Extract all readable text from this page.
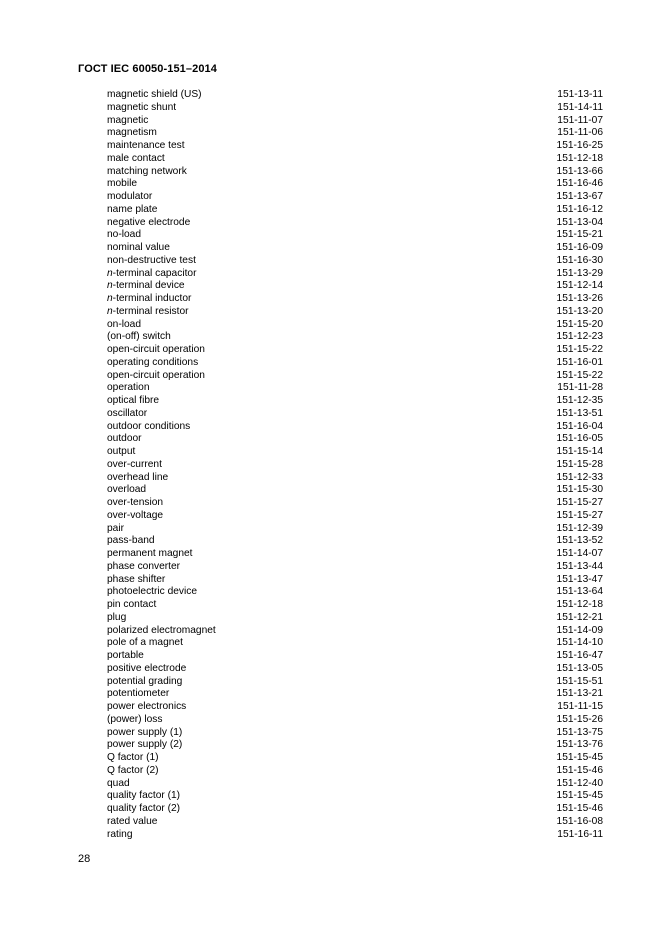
ГОСТ IEC 60050-151–2014
magnetic shield (US)	151-13-11
magnetic shunt	151-14-11
magnetic	151-11-07
magnetism	151-11-06
maintenance test	151-16-25
male contact	151-12-18
matching network	151-13-66
mobile	151-16-46
modulator	151-13-67
name plate	151-16-12
negative electrode	151-13-04
no-load	151-15-21
nominal value	151-16-09
non-destructive test	151-16-30
n-terminal capacitor	151-13-29
n-terminal device	151-12-14
n-terminal inductor	151-13-26
n-terminal resistor	151-13-20
on-load	151-15-20
(on-off) switch	151-12-23
open-circuit operation	151-15-22
operating conditions	151-16-01
open-circuit operation	151-15-22
operation	151-11-28
optical fibre	151-12-35
oscillator	151-13-51
outdoor conditions	151-16-04
outdoor	151-16-05
output	151-15-14
over-current	151-15-28
overhead line	151-12-33
overload	151-15-30
over-tension	151-15-27
over-voltage	151-15-27
pair	151-12-39
pass-band	151-13-52
permanent magnet	151-14-07
phase converter	151-13-44
phase shifter	151-13-47
photoelectric device	151-13-64
pin contact	151-12-18
plug	151-12-21
polarized electromagnet	151-14-09
pole of a magnet	151-14-10
portable	151-16-47
positive electrode	151-13-05
potential grading	151-15-51
potentiometer	151-13-21
power electronics	151-11-15
(power) loss	151-15-26
power supply (1)	151-13-75
power supply (2)	151-13-76
Q factor (1)	151-15-45
Q factor (2)	151-15-46
quad	151-12-40
quality factor (1)	151-15-45
quality factor (2)	151-15-46
rated value	151-16-08
rating	151-16-11
28
